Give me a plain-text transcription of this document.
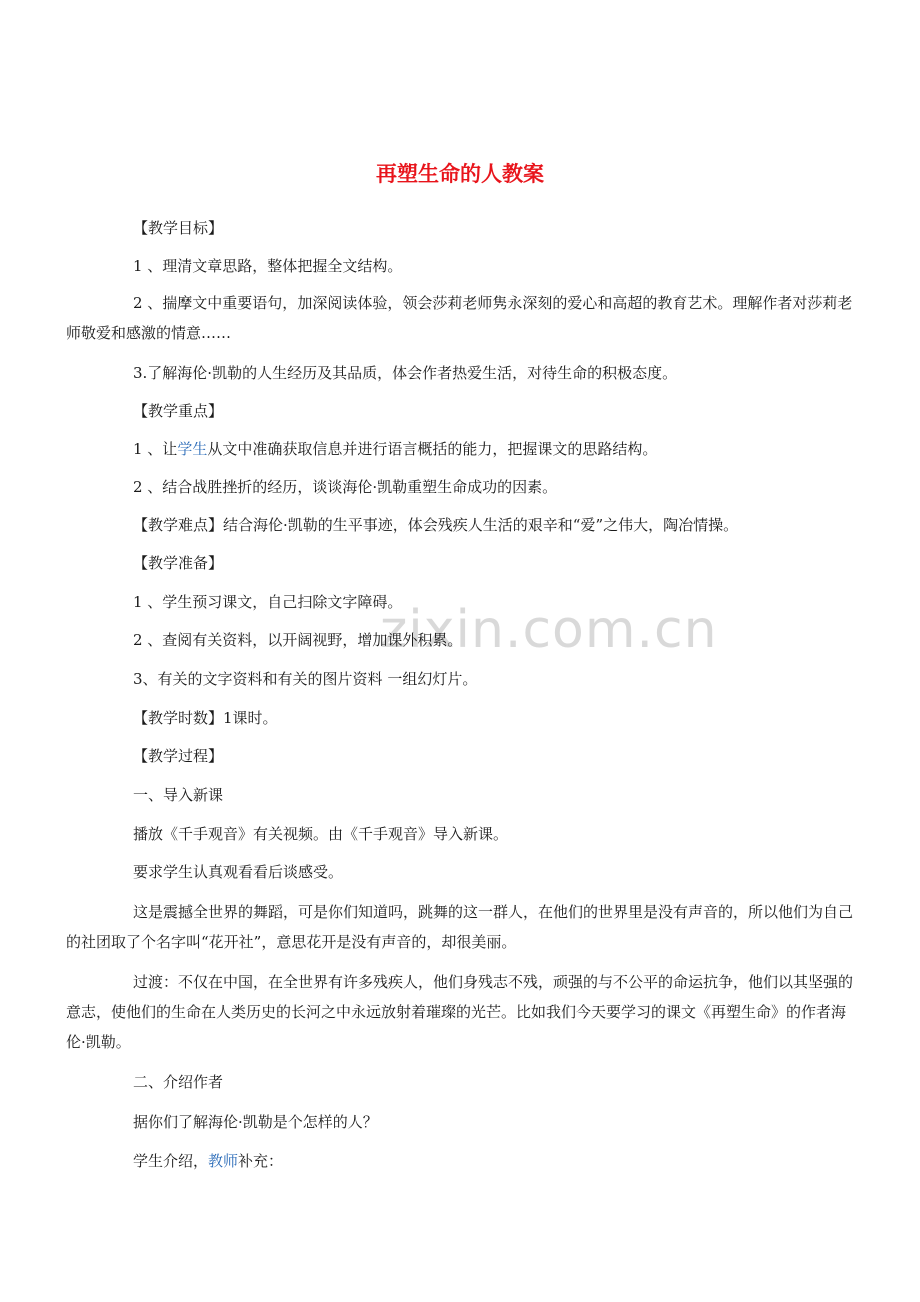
再塑生命的人教案
zixin.com.cn
【教学目标】
1 、理清文章思路，整体把握全文结构。
2 、揣摩文中重要语句，加深阅读体验，领会莎莉老师隽永深刻的爱心和高超的教育艺术。理解作者对莎莉老师敬爱和感激的情意……
3.了解海伦·凯勒的人生经历及其品质，体会作者热爱生活，对待生命的积极态度。
【教学重点】
1 、让学生从文中准确获取信息并进行语言概括的能力，把握课文的思路结构。
2 、结合战胜挫折的经历，谈谈海伦·凯勒重塑生命成功的因素。
【教学难点】结合海伦·凯勒的生平事迹，体会残疾人生活的艰辛和“爱”之伟大，陶冶情操。
【教学准备】
1 、学生预习课文，自己扫除文字障碍。
2 、查阅有关资料，以开阔视野，增加课外积累。
3、有关的文字资料和有关的图片资料 一组幻灯片。
【教学时数】1课时。
【教学过程】
一、导入新课
播放《千手观音》有关视频。由《千手观音》导入新课。
要求学生认真观看看后谈感受。
这是震撼全世界的舞蹈，可是你们知道吗，跳舞的这一群人，在他们的世界里是没有声音的，所以他们为自己的社团取了个名字叫“花开社”，意思花开是没有声音的，却很美丽。
过渡：不仅在中国，在全世界有许多残疾人，他们身残志不残，顽强的与不公平的命运抗争，他们以其坚强的意志，使他们的生命在人类历史的长河之中永远放射着璀璨的光芒。比如我们今天要学习的课文《再塑生命》的作者海伦·凯勒。
二、介绍作者
据你们了解海伦·凯勒是个怎样的人？
学生介绍，教师补充：
